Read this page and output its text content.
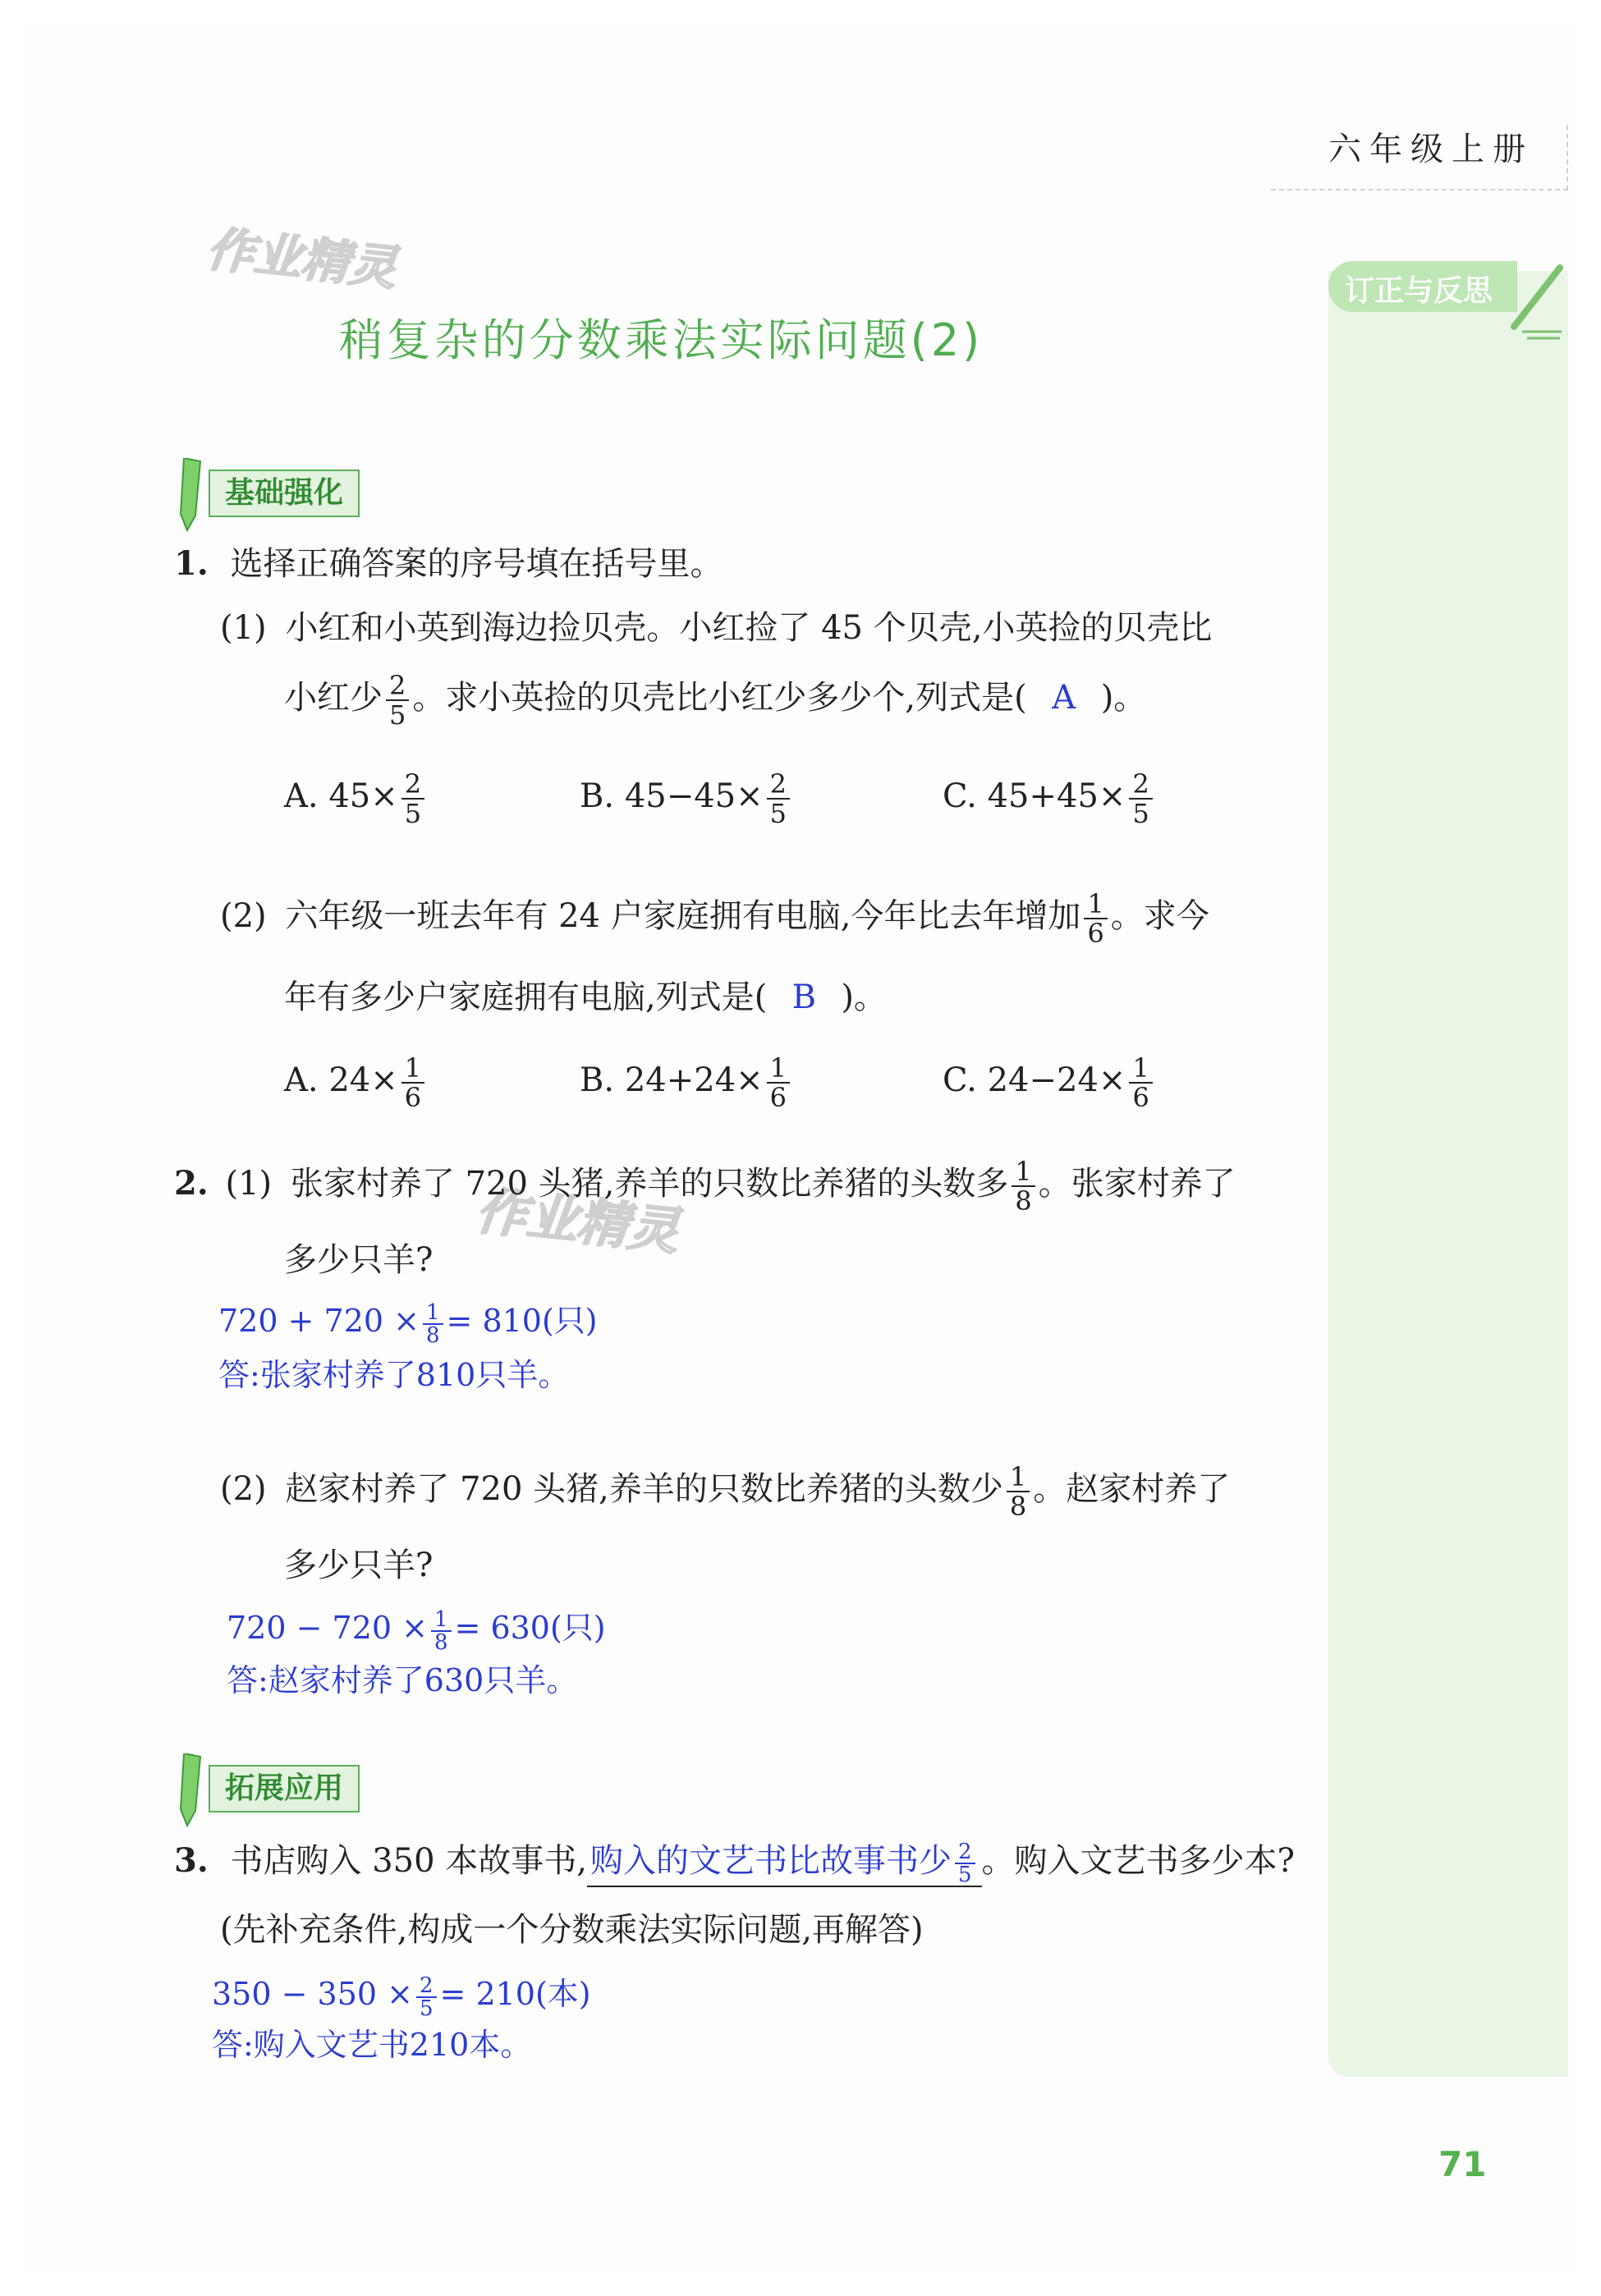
六年级上册
订正与反思
作业精灵
作业精灵
稍复杂的分数乘法实际问题(2)
基础强化
1. 选择正确答案的序号填在括号里。
(1) 小红和小英到海边捡贝壳。小红捡了 45 个贝壳,小英捡的贝壳比
小红少 $\frac{2}{5}$ 。求小英捡的贝壳比小红少多少个,列式是( A )。
A. $45\times \frac{2}{5}$	B. $45-45\times \frac{2}{5}$	C. $45+45\times \frac{2}{5}$
(2) 六年级一班去年有 24 户家庭拥有电脑,今年比去年增加 $\frac{1}{6}$ 。求今
年有多少户家庭拥有电脑,列式是( B )。
A. $24\times \frac{1}{6}$	B. $24+24\times \frac{1}{6}$	C. $24-24\times \frac{1}{6}$
2. (1) 张家村养了 720 头猪,养羊的只数比养猪的头数多 $\frac{1}{8}$ 。张家村养了
多少只羊?
$720 + 720 \times \frac{1}{8} = 810$(只)
答:张家村养了810只羊。
(2) 赵家村养了 720 头猪,养羊的只数比养猪的头数少 $\frac{1}{8}$ 。赵家村养了
多少只羊?
$720 - 720 \times \frac{1}{8} = 630$(只)
答:赵家村养了630只羊。
拓展应用
3. 书店购入 350 本故事书, 购入的文艺书比故事书少 $\frac{2}{5}$ 。购入文艺书多少本?
(先补充条件,构成一个分数乘法实际问题,再解答)
$350 - 350 \times \frac{2}{5} = 210$(本)
答:购入文艺书210本。
71
